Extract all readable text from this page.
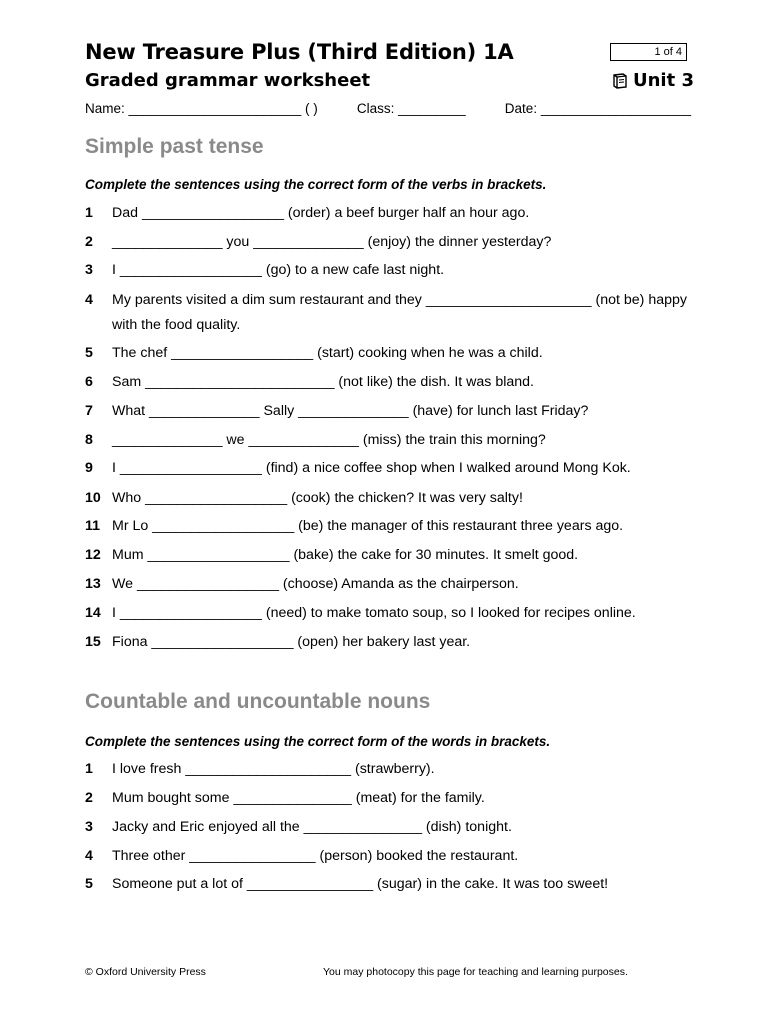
New Treasure Plus (Third Edition) 1A
Graded grammar worksheet
1 of 4
Unit 3
Name: _______________________ ( )	Class: _________	Date: ____________________
Simple past tense
Complete the sentences using the correct form of the verbs in brackets.
1 Dad __________________ (order) a beef burger half an hour ago.
2 ______________ you ______________ (enjoy) the dinner yesterday?
3 I __________________ (go) to a new cafe last night.
4 My parents visited a dim sum restaurant and they _____________________ (not be) happy with the food quality.
5 The chef __________________ (start) cooking when he was a child.
6 Sam ________________________ (not like) the dish. It was bland.
7 What ______________ Sally ______________ (have) for lunch last Friday?
8 ______________ we ______________ (miss) the train this morning?
9 I __________________ (find) a nice coffee shop when I walked around Mong Kok.
10 Who __________________ (cook) the chicken? It was very salty!
11 Mr Lo __________________ (be) the manager of this restaurant three years ago.
12 Mum __________________ (bake) the cake for 30 minutes. It smelt good.
13 We __________________ (choose) Amanda as the chairperson.
14 I __________________ (need) to make tomato soup, so I looked for recipes online.
15 Fiona __________________ (open) her bakery last year.
Countable and uncountable nouns
Complete the sentences using the correct form of the words in brackets.
1 I love fresh _____________________ (strawberry).
2 Mum bought some _______________ (meat) for the family.
3 Jacky and Eric enjoyed all the _______________ (dish) tonight.
4 Three other ________________ (person) booked the restaurant.
5 Someone put a lot of ________________ (sugar) in the cake. It was too sweet!
© Oxford University Press	You may photocopy this page for teaching and learning purposes.
